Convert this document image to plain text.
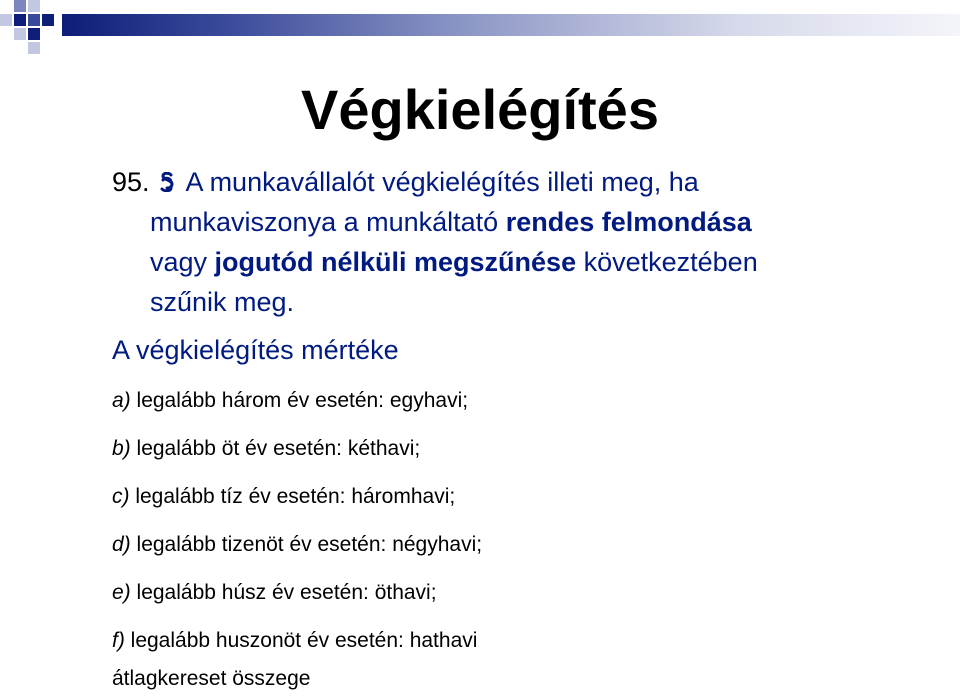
Végkielégítés
95. A munkavállalót végkielégítés illeti meg, ha
munkaviszonya a munkáltató rendes felmondása
vagy jogutód nélküli megszűnése következtében
szűnik meg.
A végkielégítés mértéke
a) legalább három év esetén: egyhavi;
b) legalább öt év esetén: kéthavi;
c) legalább tíz év esetén: háromhavi;
d) legalább tizenöt év esetén: négyhavi;
e) legalább húsz év esetén: öthavi;
f) legalább huszonöt év esetén: hathavi
átlagkereset összege
